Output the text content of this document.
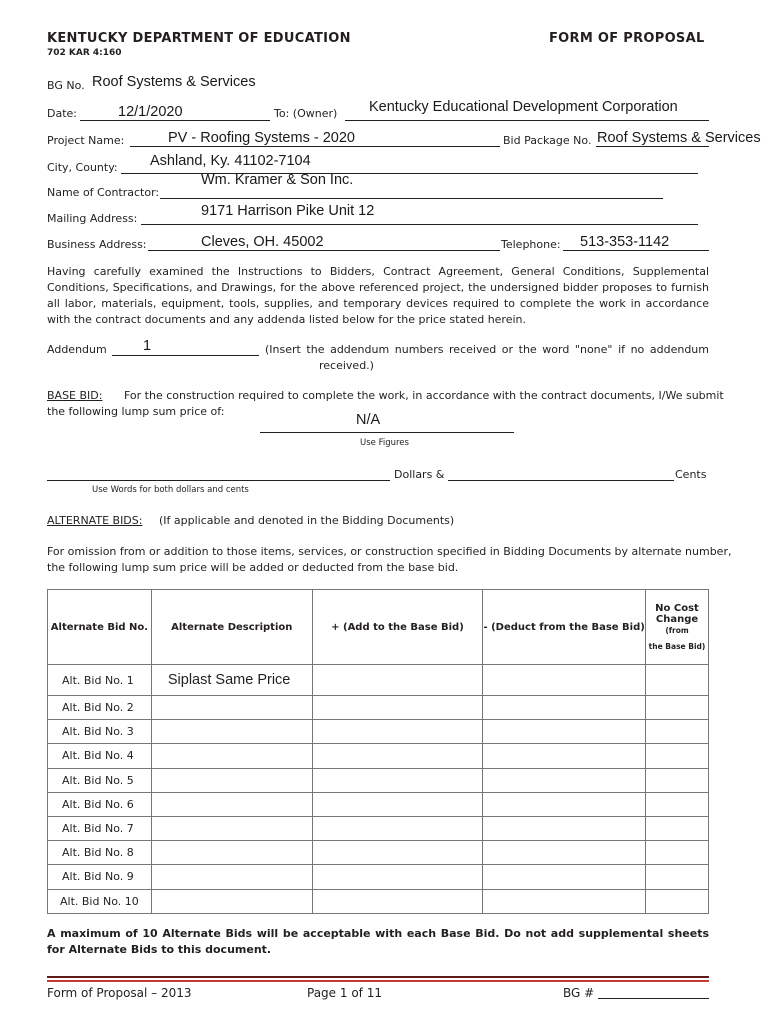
KENTUCKY DEPARTMENT OF EDUCATION
702 KAR 4:160
FORM OF PROPOSAL
BG No. Roof Systems & Services
Date:	12/1/2020	To: (Owner) Kentucky Educational Development Corporation
Project Name:	PV - Roofing Systems - 2020	Bid Package No. Roof Systems & Services
City, County: Ashland, Ky. 41102-7104
Name of Contractor:
Wm. Kramer & Son Inc.
Mailing Address:	9171 Harrison Pike Unit 12
Business Address:	Cleves, OH. 45002	Telephone: 513-353-1142
Having carefully examined the Instructions to Bidders, Contract Agreement, General Conditions, Supplemental Conditions, Specifications, and Drawings, for the above referenced project, the undersigned bidder proposes to furnish all labor, materials, equipment, tools, supplies, and temporary devices required to complete the work in accordance with the contract documents and any addenda listed below for the price stated herein.
Addendum	1	(Insert the addendum numbers received or the word "none" if no addendum
received.)
BASE BID: For the construction required to complete the work, in accordance with the contract documents, I/We submit
the following lump sum price of:
N/A
Use Figures
Dollars &	Cents
Use Words for both dollars and cents
ALTERNATE BIDS: (If applicable and denoted in the Bidding Documents)
For omission from or addition to those items, services, or construction specified in Bidding Documents by alternate number,
the following lump sum price will be added or deducted from the base bid.
Alternate Bid No.	Alternate Description	+ (Add to the Base Bid)	- (Deduct from the Base Bid)	No Cost
Change (from
the Base Bid)

Alt. Bid No. 1	Siplast Same Price			
Alt. Bid No. 2				
Alt. Bid No. 3				
Alt. Bid No. 4				
Alt. Bid No. 5				
Alt. Bid No. 6				
Alt. Bid No. 7				
Alt. Bid No. 8				
Alt. Bid No. 9				
Alt. Bid No. 10				
A maximum of 10 Alternate Bids will be acceptable with each Base Bid. Do not add supplemental sheets for Alternate Bids to this document.
Form of Proposal – 2013	Page 1 of 11	BG #
